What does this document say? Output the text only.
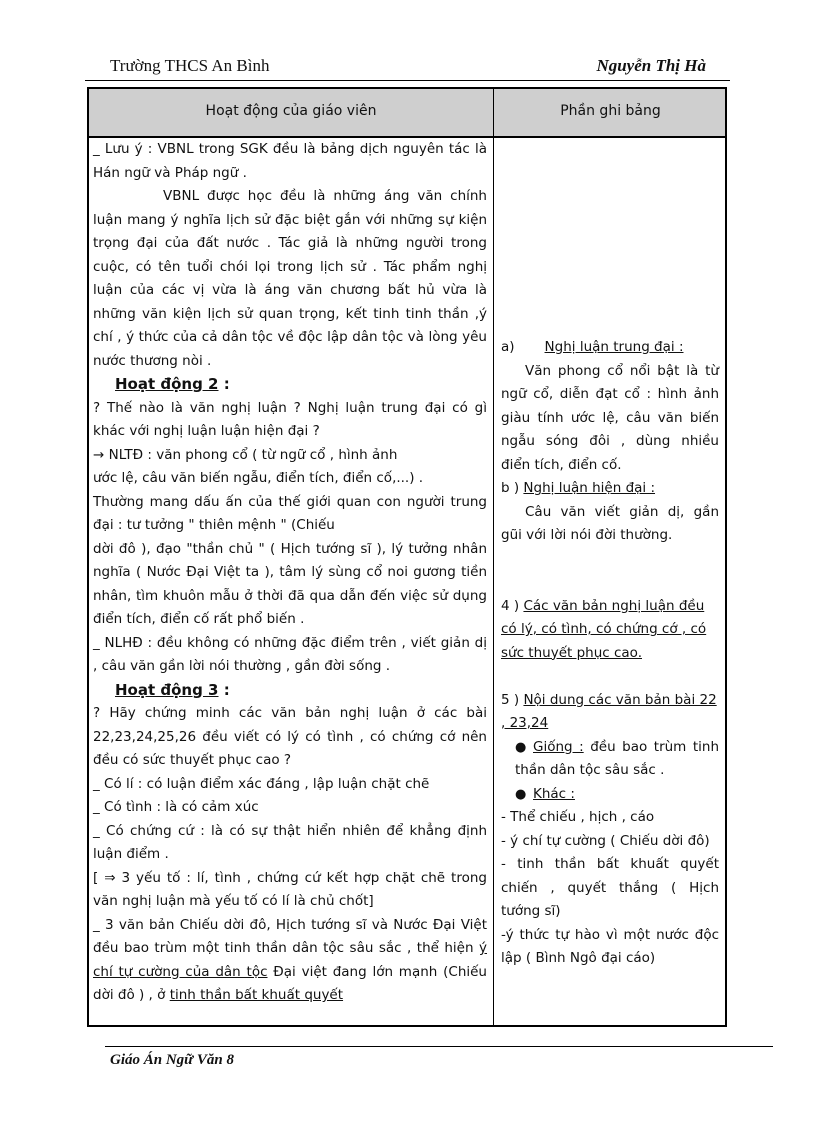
Trường THCS An Bình	Nguyễn Thị Hà
Hoạt động của giáo viên	Phần ghi bảng

_ Lưu ý : VBNL trong SGK đều là bảng dịch nguyên tác là Hán ngữ và Pháp ngữ .

VBNL được học đều là những áng văn chính luận mang ý nghĩa lịch sử đặc biệt gắn với những sự kiện trọng đại của đất nước . Tác giả là những người trong cuộc, có tên tuổi chói lọi trong lịch sử . Tác phẩm nghị luận của các vị vừa là áng văn chương bất hủ vừa là những văn kiện lịch sử quan trọng, kết tinh tinh thần ,ý chí , ý thức của cả dân tộc về độc lập dân tộc và lòng yêu nước thương nòi .

Hoạt động 2 :

? Thế nào là văn nghị luận ? Nghị luận trung đại có gì khác với nghị luận luận hiện đại ?

→ NLTĐ : văn phong cổ ( từ ngữ cổ , hình ảnh

ước lệ, câu văn biến ngẫu, điển tích, điển cố,...) .

Thường mang dấu ấn của thế giới quan con người trung đại : tư tưởng " thiên mệnh " (Chiếu

dời đô ), đạo "thần chủ " ( Hịch tướng sĩ ), lý tưởng nhân nghĩa ( Nước Đại Việt ta ), tâm lý sùng cổ noi gương tiền nhân, tìm khuôn mẫu ở thời đã qua dẫn đến việc sử dụng điển tích, điển cố rất phổ biến .

_ NLHĐ : đều không có những đặc điểm trên , viết giản dị , câu văn gần lời nói thường , gần đời sống .

Hoạt động 3 :

? Hãy chứng minh các văn bản nghị luận ở các bài 22,23,24,25,26 đều viết có lý có tình , có chứng cớ nên đều có sức thuyết phục cao ?

_ Có lí : có luận điểm xác đáng , lập luận chặt chẽ

_ Có tình : là có cảm xúc

_ Có chứng cứ : là có sự thật hiển nhiên để khẳng định luận điểm .

[ ⇒ 3 yếu tố : lí, tình , chứng cứ kết hợp chặt chẽ trong văn nghị luận mà yếu tố có lí là chủ chốt]

_ 3 văn bản Chiếu dời đô, Hịch tướng sĩ và Nước Đại Việt đều bao trùm một tinh thần dân tộc sâu sắc , thể hiện ý chí tự cường của dân tộc Đại việt đang lớn mạnh (Chiếu dời đô ) , ở tinh thần bất khuất quyết

a) Nghị luận trung đại :

Văn phong cổ nổi bật là từ ngữ cổ, diễn đạt cổ : hình ảnh giàu tính ước lệ, câu văn biến ngẫu sóng đôi , dùng nhiều điển tích, điển cố.

b ) Nghị luận hiện đại :

Câu văn viết giản dị, gần gũi với lời nói đời thường.

4 ) Các văn bản nghị luận đều có lý, có tình, có chứng cớ , có sức thuyết phục cao.

5 ) Nội dung các văn bản bài 22 , 23,24

● Giống : đều bao trùm tinh thần dân tộc sâu sắc .

● Khác :

- Thể chiếu , hịch , cáo

- ý chí tự cường ( Chiếu dời đô)

- tinh thần bất khuất quyết chiến , quyết thắng ( Hịch tướng sĩ)

-ý thức tự hào vì một nước độc lập ( Bình Ngô đại cáo)

Giáo Án Ngữ Văn 8
